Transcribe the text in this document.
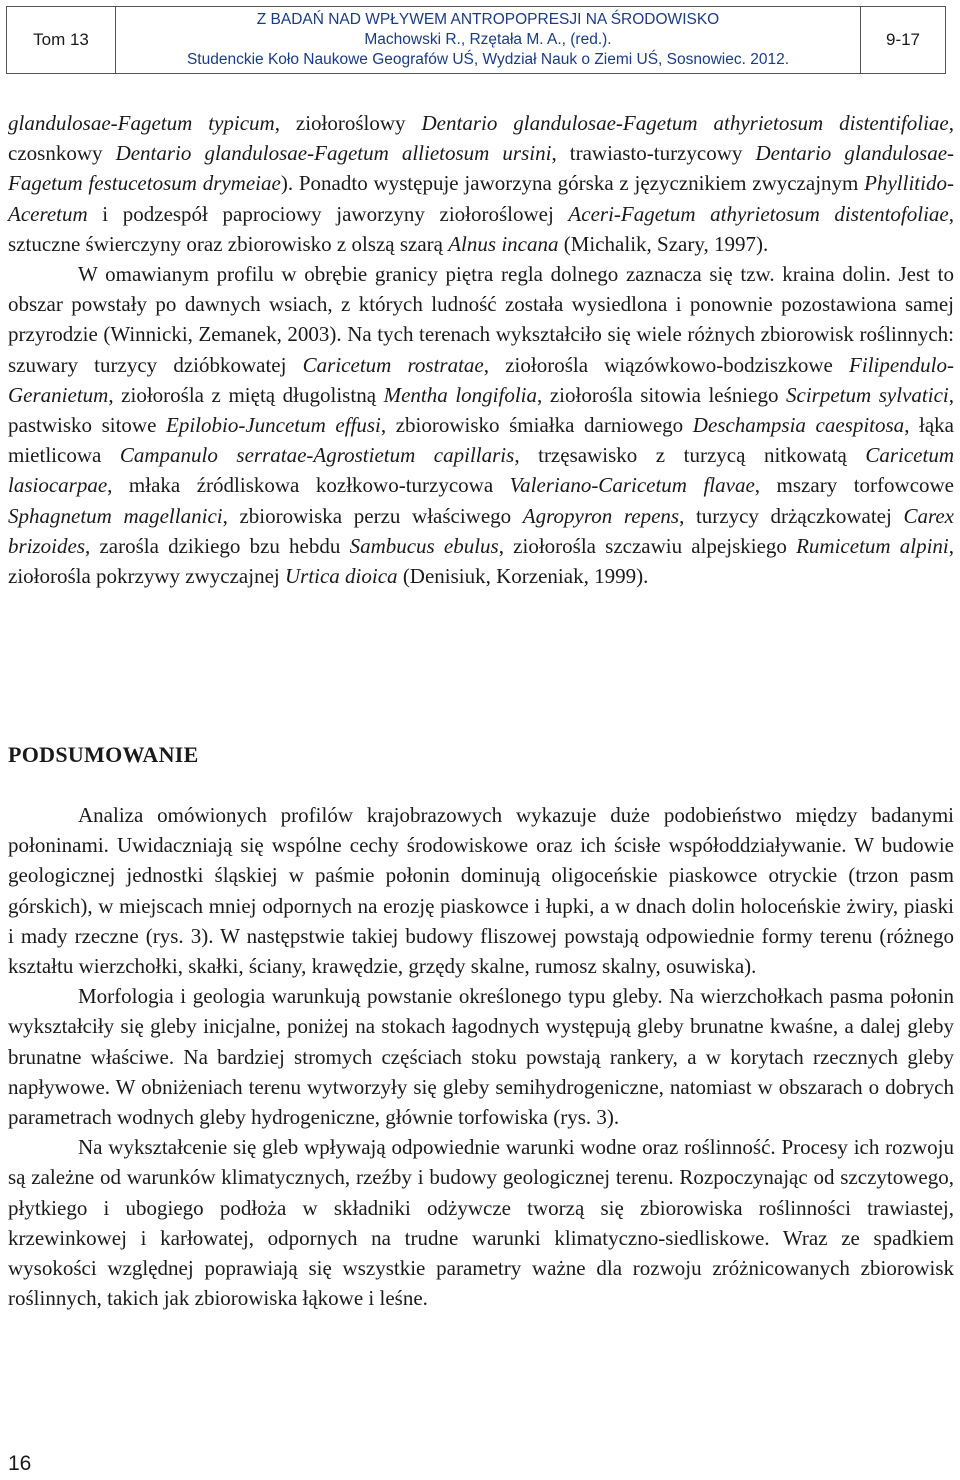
Tom 13
Z BADAŃ NAD WPŁYWEM ANTROPOPRESJI NA ŚRODOWISKO
Machowski R., Rzętała M. A., (red.).
Studenckie Koło Naukowe Geografów UŚ, Wydział Nauk o Ziemi UŚ, Sosnowiec. 2012.
9-17

glandulosae-Fagetum typicum, ziołoroślowy Dentario glandulosae-Fagetum athyrietosum distentifoliae, czosnkowy Dentario glandulosae-Fagetum allietosum ursini, trawiasto-turzycowy Dentario glandulosae-Fagetum festucetosum drymeiae). Ponadto występuje jaworzyna górska z języcznikiem zwyczajnym Phyllitido-Aceretum i podzespół paprociowy jaworzyny ziołoroślowej Aceri-Fagetum athyrietosum distentofoliae, sztuczne świerczyny oraz zbiorowisko z olszą szarą Alnus incana (Michalik, Szary, 1997).

W omawianym profilu w obrębie granicy piętra regla dolnego zaznacza się tzw. kraina dolin. Jest to obszar powstały po dawnych wsiach, z których ludność została wysiedlona i ponownie pozostawiona samej przyrodzie (Winnicki, Zemanek, 2003). Na tych terenach wykształciło się wiele różnych zbiorowisk roślinnych: szuwary turzycy dzióbkowatej Caricetum rostratae, ziołorośla wiązówkowo-bodziszkowe Filipendulo-Geranietum, ziołorośla z miętą długolistną Mentha longifolia, ziołorośla sitowia leśniego Scirpetum sylvatici, pastwisko sitowe Epilobio-Juncetum effusi, zbiorowisko śmiałka darniowego Deschampsia caespitosa, łąka mietlicowa Campanulo serratae-Agrostietum capillaris, trzęsawisko z turzycą nitkowatą Caricetum lasiocarpae, młaka źródliskowa kozłkowo-turzycowa Valeriano-Caricetum flavae, mszary torfowcowe Sphagnetum magellanici, zbiorowiska perzu właściwego Agropyron repens, turzycy drżączkowatej Carex brizoides, zarośla dzikiego bzu hebdu Sambucus ebulus, ziołorośla szczawiu alpejskiego Rumicetum alpini, ziołorośla pokrzywy zwyczajnej Urtica dioica (Denisiuk, Korzeniak, 1999).

PODSUMOWANIE

Analiza omówionych profilów krajobrazowych wykazuje duże podobieństwo między badanymi połoninami. Uwidaczniają się wspólne cechy środowiskowe oraz ich ścisłe współoddziaływanie. W budowie geologicznej jednostki śląskiej w paśmie połonin dominują oligoceńskie piaskowce otryckie (trzon pasm górskich), w miejscach mniej odpornych na erozję piaskowce i łupki, a w dnach dolin holoceńskie żwiry, piaski i mady rzeczne (rys. 3). W następstwie takiej budowy fliszowej powstają odpowiednie formy terenu (różnego kształtu wierzchołki, skałki, ściany, krawędzie, grzędy skalne, rumosz skalny, osuwiska).

Morfologia i geologia warunkują powstanie określonego typu gleby. Na wierzchołkach pasma połonin wykształciły się gleby inicjalne, poniżej na stokach łagodnych występują gleby brunatne kwaśne, a dalej gleby brunatne właściwe. Na bardziej stromych częściach stoku powstają rankery, a w korytach rzecznych gleby napływowe. W obniżeniach terenu wytworzyły się gleby semihydrogeniczne, natomiast w obszarach o dobrych parametrach wodnych gleby hydrogeniczne, głównie torfowiska (rys. 3).

Na wykształcenie się gleb wpływają odpowiednie warunki wodne oraz roślinność. Procesy ich rozwoju są zależne od warunków klimatycznych, rzeźby i budowy geologicznej terenu. Rozpoczynając od szczytowego, płytkiego i ubogiego podłoża w składniki odżywcze tworzą się zbiorowiska roślinności trawiastej, krzewinkowej i karłowatej, odpornych na trudne warunki klimatyczno-siedliskowe. Wraz ze spadkiem wysokości względnej poprawiają się wszystkie parametry ważne dla rozwoju zróżnicowanych zbiorowisk roślinnych, takich jak zbiorowiska łąkowe i leśne.

16
